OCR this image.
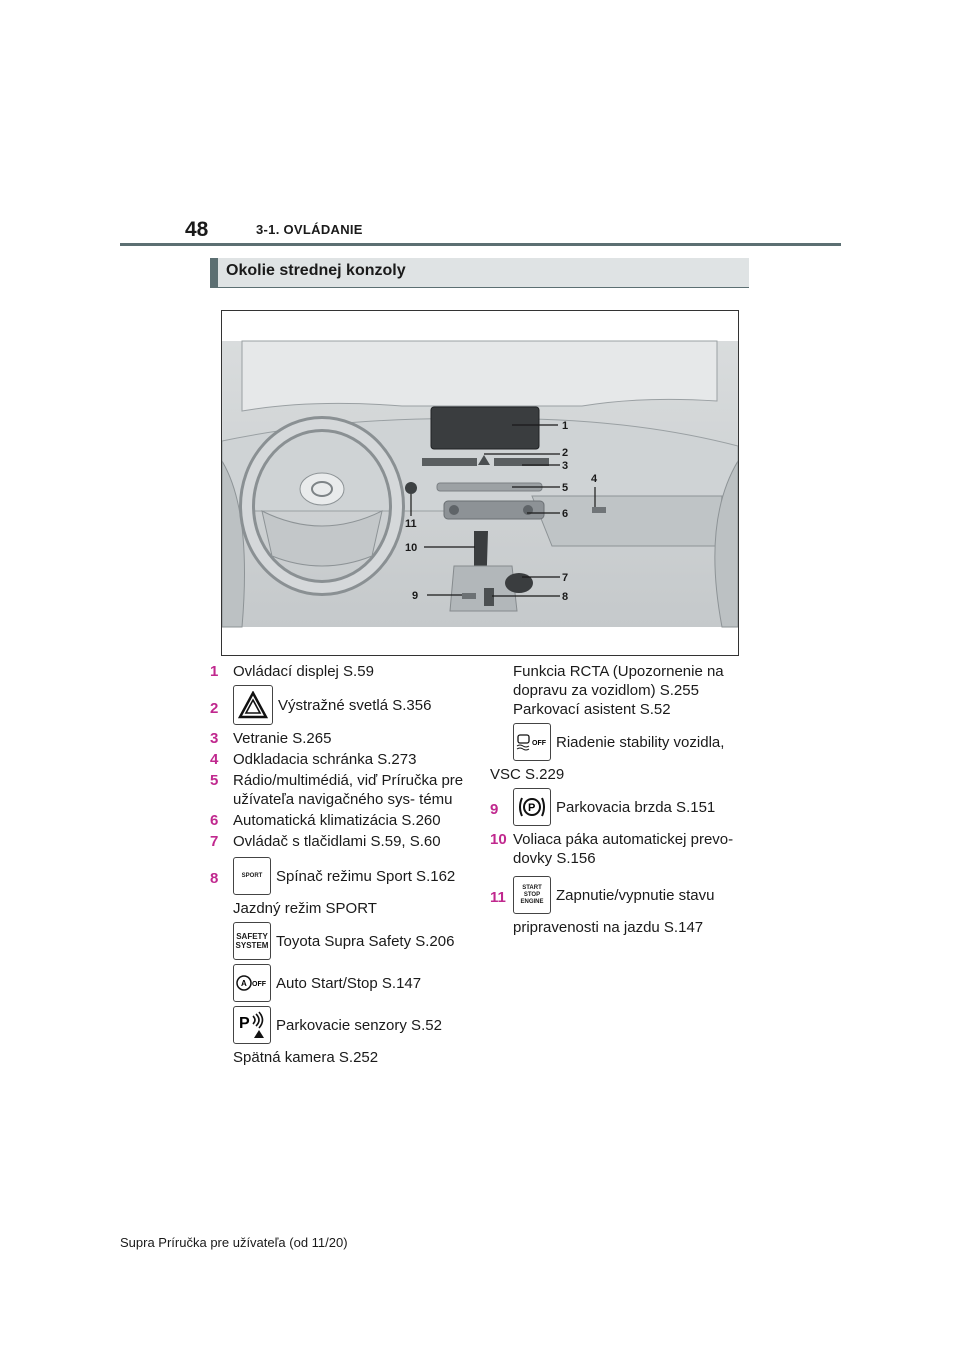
48	3-1. OVLÁDANIE
Okolie strednej konzoly
1
2
3
4
5
6
7
8
9
10
11
1 Ovládací displej S.59
2	Výstražné svetlá S.356
3 Vetranie S.265
4 Odkladacia schránka S.273
5 Rádio/multimédiá, viď Príručka pre užívateľa navigačného sys- tému
6 Automatická klimatizácia S.260
7 Ovládač s tlačidlami S.59, S.60
8	SPORT Spínač režimu Sport S.162
Jazdný režim SPORT
SAFETY
SYSTEM Toyota Supra Safety S.206
A OFF Auto Start/Stop S.147
P Parkovacie senzory S.52
Spätná kamera S.252
Funkcia RCTA (Upozornenie na dopravu za vozidlom) S.255
Parkovací asistent S.52
OFF Riadenie stability vozidla,
VSC S.229
9	P Parkovacia brzda S.151
10 Voliaca páka automatickej prevo- dovky S.156
11
START
STOP
ENGINE Zapnutie/vypnutie stavu
pripravenosti na jazdu S.147
Supra Príručka pre užívateľa (od 11/20)
